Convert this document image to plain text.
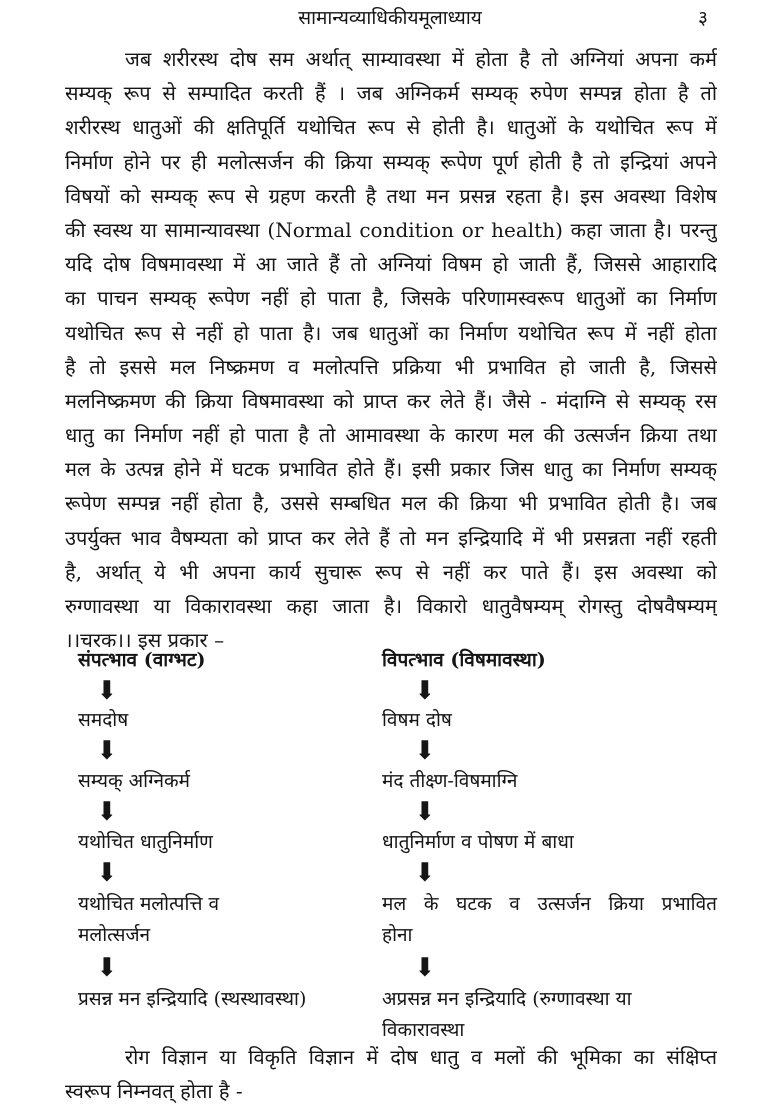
सामान्यव्याधिकीयमूलाध्याय	३
जब शरीरस्थ दोष सम अर्थात् साम्यावस्था में होता है तो अग्नियां अपना कर्म
सम्यक् रूप से सम्पादित करती हैं । जब अग्निकर्म सम्यक् रुपेण सम्पन्न होता है तो
शरीरस्थ धातुओं की क्षतिपूर्ति यथोचित रूप से होती है। धातुओं के यथोचित रूप में
निर्माण होने पर ही मलोत्सर्जन की क्रिया सम्यक् रूपेण पूर्ण होती है तो इन्द्रियां अपने
विषयों को सम्यक् रूप से ग्रहण करती है तथा मन प्रसन्न रहता है। इस अवस्था विशेष
की स्वस्थ या सामान्यावस्था (Normal condition or health) कहा जाता है। परन्तु
यदि दोष विषमावस्था में आ जाते हैं तो अग्नियां विषम हो जाती हैं, जिससे आहारादि
का पाचन सम्यक् रूपेण नहीं हो पाता है, जिसके परिणामस्वरूप धातुओं का निर्माण
यथोचित रूप से नहीं हो पाता है। जब धातुओं का निर्माण यथोचित रूप में नहीं होता
है तो इससे मल निष्क्रमण व मलोत्पत्ति प्रक्रिया भी प्रभावित हो जाती है, जिससे
मलनिष्क्रमण की क्रिया विषमावस्था को प्राप्त कर लेते हैं। जैसे - मंदाग्नि से सम्यक् रस
धातु का निर्माण नहीं हो पाता है तो आमावस्था के कारण मल की उत्सर्जन क्रिया तथा
मल के उत्पन्न होने में घटक प्रभावित होते हैं। इसी प्रकार जिस धातु का निर्माण सम्यक्
रूपेण सम्पन्न नहीं होता है, उससे सम्बधित मल की क्रिया भी प्रभावित होती है। जब
उपर्युक्त भाव वैषम्यता को प्राप्त कर लेते हैं तो मन इन्द्रियादि में भी प्रसन्नता नहीं रहती
है, अर्थात् ये भी अपना कार्य सुचारू रूप से नहीं कर पाते हैं। इस अवस्था को
रुग्णावस्था या विकारावस्था कहा जाता है। विकारो धातुवैषम्यम् रोगस्तु दोषवैषम्यम्
।।चरक।। इस प्रकार –
संपत्भाव (वाग्भट)
⬇
समदोष
⬇
सम्यक् अग्निकर्म
⬇
यथोचित धातुनिर्माण
⬇
यथोचित मलोत्पत्ति व
मलोत्सर्जन
⬇
प्रसन्न मन इन्द्रियादि (स्थस्थावस्था)
विपत्भाव (विषमावस्था)
⬇
विषम दोष
⬇
मंद तीक्ष्ण-विषमाग्नि
⬇
धातुनिर्माण व पोषण में बाधा
⬇
मल के घटक व उत्सर्जन क्रिया प्रभावित
होना
⬇
अप्रसन्न मन इन्द्रियादि (रुग्णावस्था या
विकारावस्था
रोग विज्ञान या विकृति विज्ञान में दोष धातु व मलों की भूमिका का संक्षिप्त
स्वरूप निम्नवत् होता है -
